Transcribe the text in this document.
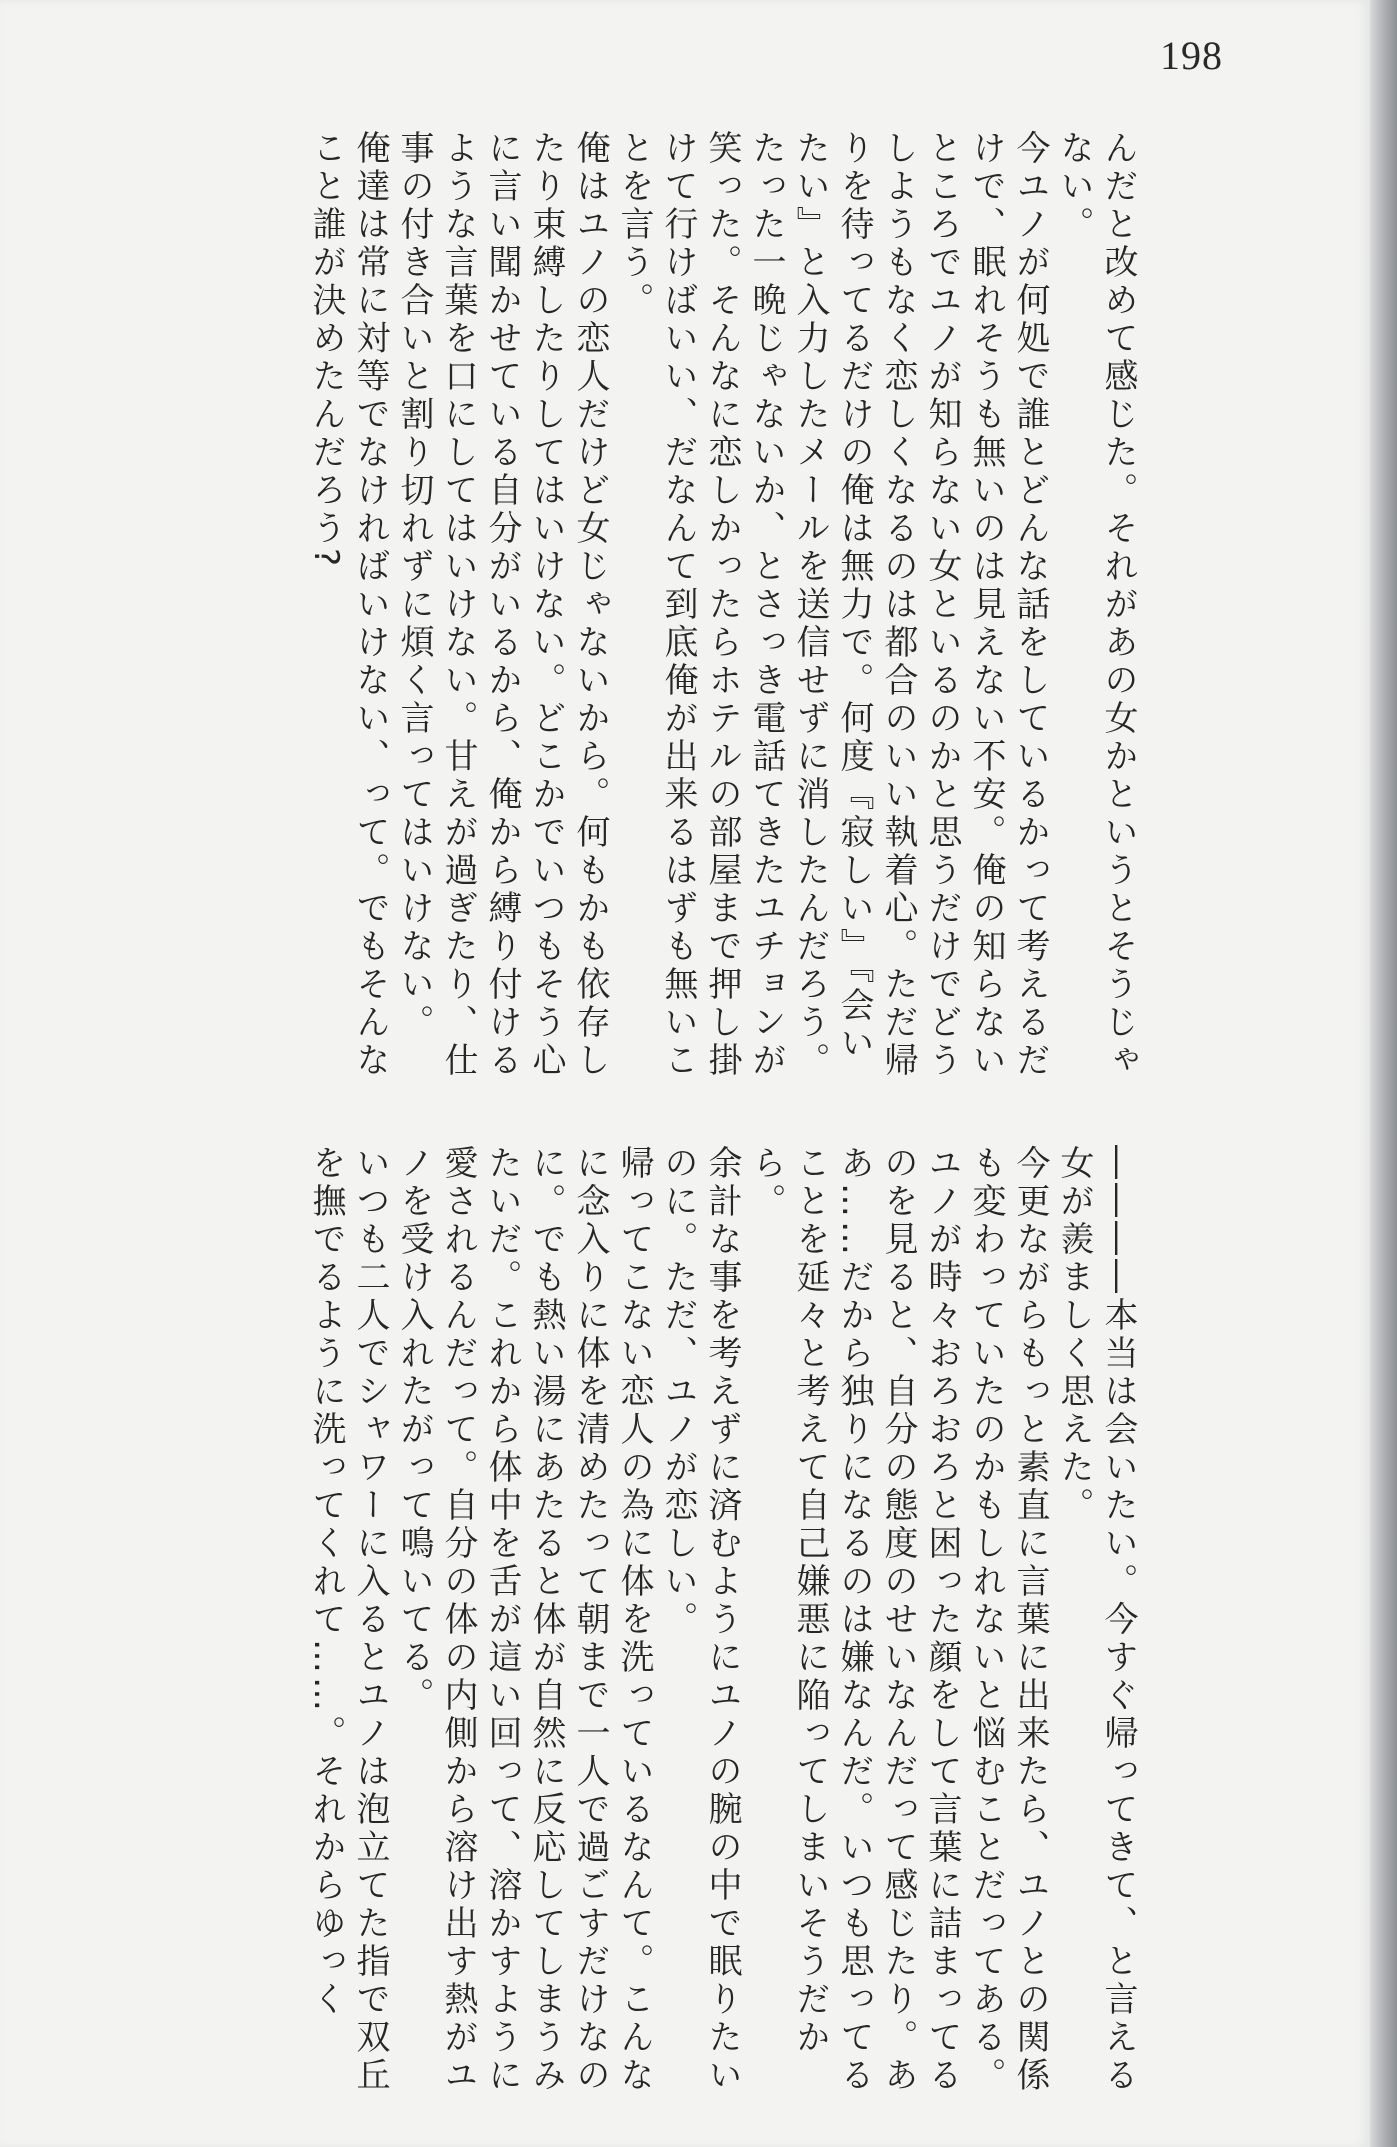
198

んだと改めて感じた。それがあの女かというとそうじゃない。

今ユノが何処で誰とどんな話をしているかって考えるだけで、眠れそうも無いのは見えない不安。俺の知らないところでユノが知らない女といるのかと思うだけでどうしようもなく恋しくなるのは都合のいい執着心。ただ帰りを待ってるだけの俺は無力で。何度『寂しい』『会いたい』と入力したメールを送信せずに消したんだろう。たった一晩じゃないか、とさっき電話てきたユチョンが笑った。そんなに恋しかったらホテルの部屋まで押し掛けて行けばいい、だなんて到底俺が出来るはずも無いことを言う。

俺はユノの恋人だけど女じゃないから。何もかも依存したり束縛したりしてはいけない。どこかでいつもそう心に言い聞かせている自分がいるから、俺から縛り付けるような言葉を口にしてはいけない。甘えが過ぎたり、仕事の付き合いと割り切れずに煩く言ってはいけない。

俺達は常に対等でなければいけない、って。でもそんなこと誰が決めたんだろう?

――――本当は会いたい。今すぐ帰ってきて、と言える女が羨ましく思えた。

今更ながらもっと素直に言葉に出来たら、ユノとの関係も変わっていたのかもしれないと悩むことだってある。ユノが時々おろおろと困った顔をして言葉に詰まってるのを見ると、自分の態度のせいなんだって感じたり。ああ……だから独りになるのは嫌なんだ。いつも思ってることを延々と考えて自己嫌悪に陥ってしまいそうだから。

余計な事を考えずに済むようにユノの腕の中で眠りたいのに。ただ、ユノが恋しい。

帰ってこない恋人の為に体を洗っているなんて。こんなに念入りに体を清めたって朝まで一人で過ごすだけなのに。でも熱い湯にあたると体が自然に反応してしまうみたいだ。これから体中を舌が這い回って、溶かすように愛されるんだって。自分の体の内側から溶け出す熱がユノを受け入れたがって鳴いてる。

いつも二人でシャワーに入るとユノは泡立てた指で双丘を撫でるように洗ってくれて……。それからゆっく
